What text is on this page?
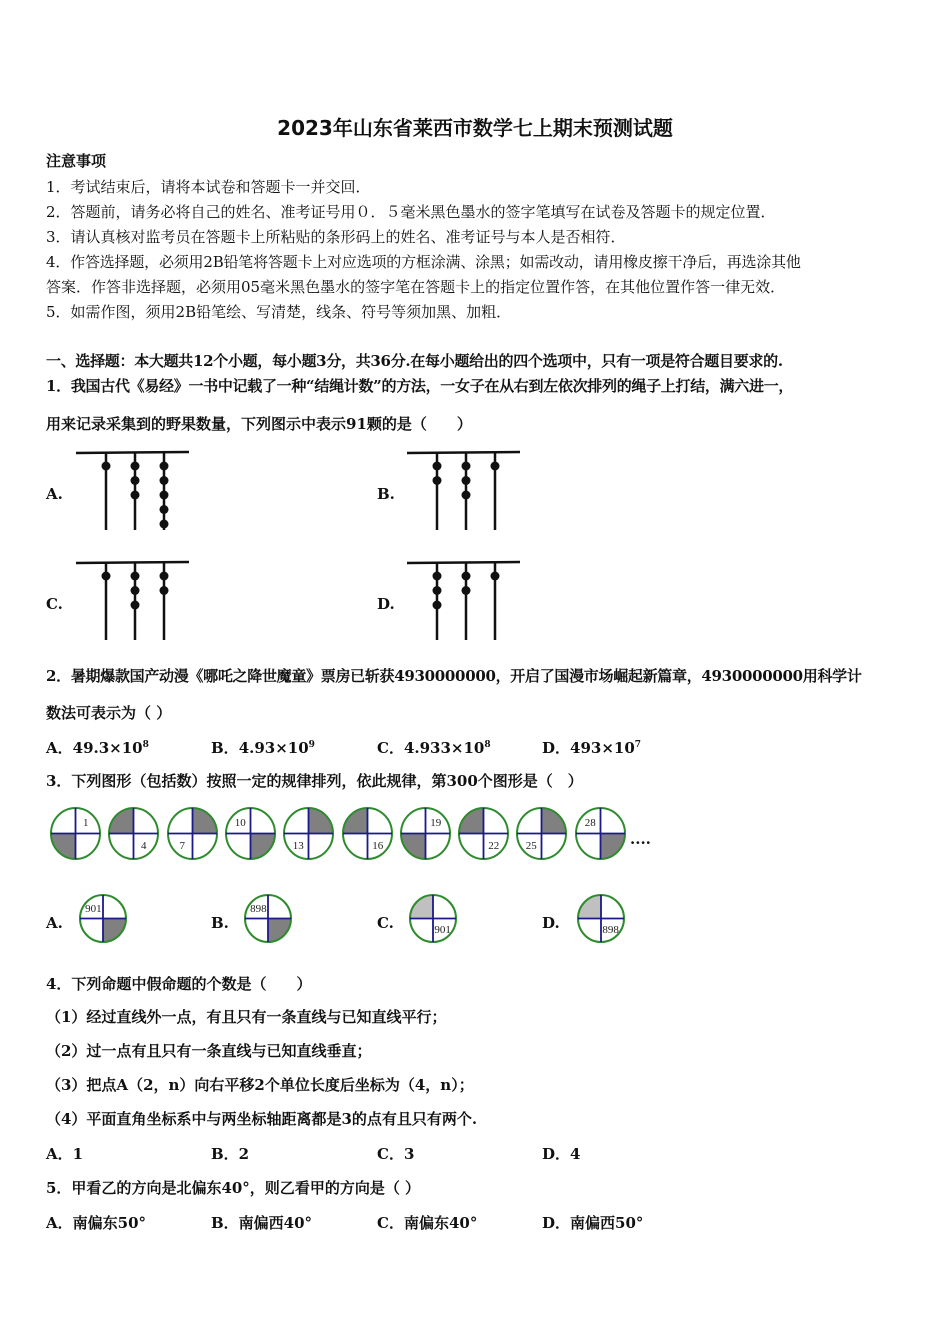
2023年山东省莱西市数学七上期末预测试题
注意事项
1．考试结束后，请将本试卷和答题卡一并交回．
2．答题前，请务必将自己的姓名、准考证号用０．５毫米黑色墨水的签字笔填写在试卷及答题卡的规定位置．
3．请认真核对监考员在答题卡上所粘贴的条形码上的姓名、准考证号与本人是否相符．
4．作答选择题，必须用2B铅笔将答题卡上对应选项的方框涂满、涂黑；如需改动，请用橡皮擦干净后，再选涂其他
答案．作答非选择题，必须用05毫米黑色墨水的签字笔在答题卡上的指定位置作答，在其他位置作答一律无效．
5．如需作图，须用2B铅笔绘、写清楚，线条、符号等须加黑、加粗．
一、选择题：本大题共12个小题，每小题3分，共36分.在每小题给出的四个选项中，只有一项是符合题目要求的.
1．我国古代《易经》一书中记载了一种“结绳计数”的方法，一女子在从右到左依次排列的绳子上打结，满六进一，
用来记录采集到的野果数量，下列图示中表示91颗的是（　　）
2．暑期爆款国产动漫《哪吒之降世魔童》票房已斩获4930000000，开启了国漫市场崛起新篇章，4930000000用科学计
数法可表示为（ ）
3．下列图形（包括数）按照一定的规律排列，依此规律，第300个图形是（　）
....
4．下列命题中假命题的个数是（　　）
（1）经过直线外一点，有且只有一条直线与已知直线平行；
（2）过一点有且只有一条直线与已知直线垂直；
（3）把点A（2，n）向右平移2个单位长度后坐标为（4，n）；
（4）平面直角坐标系中与两坐标轴距离都是3的点有且只有两个.
A．1	B．2	C．3	D．4
5．甲看乙的方向是北偏东40°，则乙看甲的方向是（ ）
A．南偏东50°	B．南偏西40°	C．南偏东40°	D．南偏西50°
A.	B.
C.	D.
A．$49.3\times 10^8$	B．$4.93\times 10^9$	C．$4.933\times 10^8$	D．$493\times 10^7$
1
4	7
10
13	16
19
22 25
28
A.
901
B.
898
C.	901	D.	898
